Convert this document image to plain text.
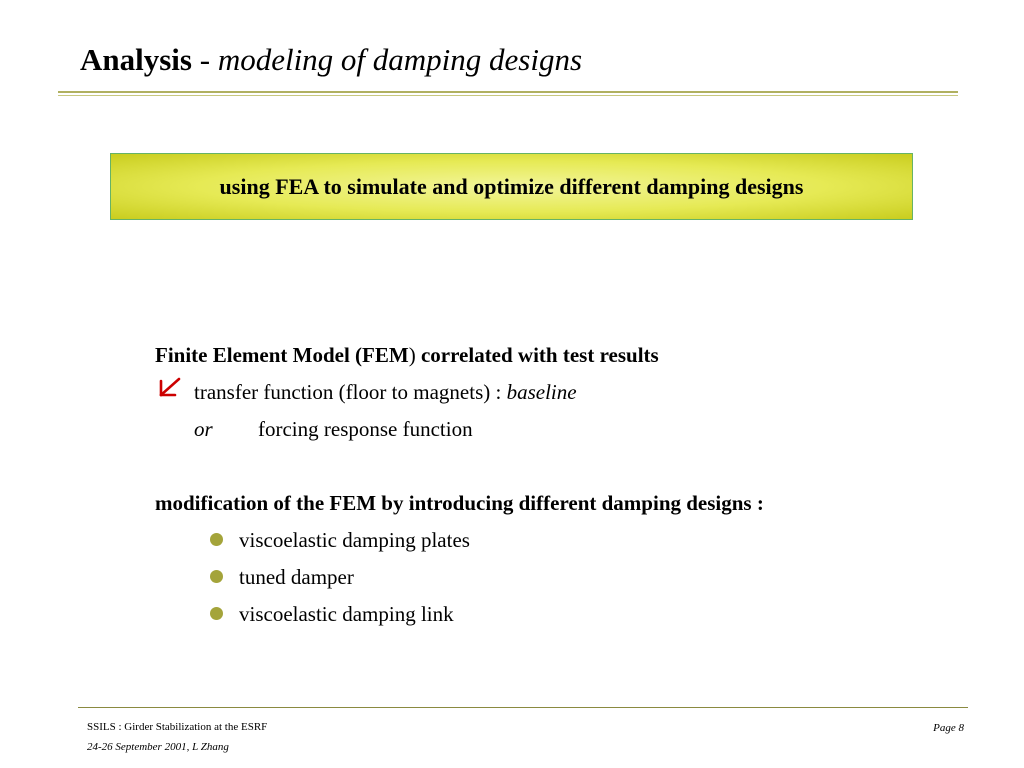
Analysis - modeling of damping designs
using FEA to simulate and optimize different damping designs
Finite Element Model (FEM) correlated with test results
transfer function (floor to magnets) : baseline
or forcing response function
modification of the FEM by introducing different damping designs :
viscoelastic damping plates
tuned damper
viscoelastic damping link
SSILS : Girder Stabilization at the ESRF
24-26 September 2001, L Zhang
Page 8
